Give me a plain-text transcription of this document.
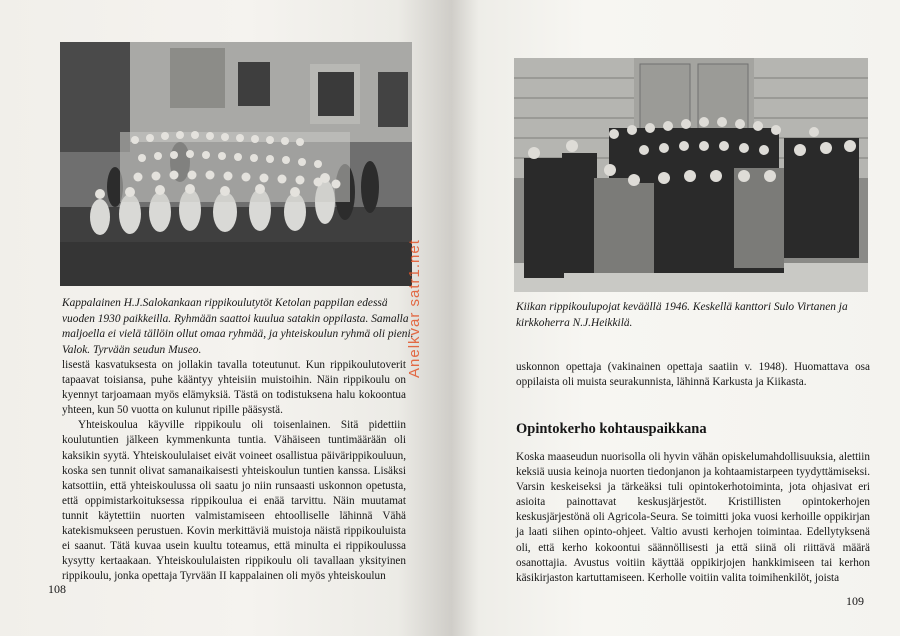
Kappalainen H.J.Salokankaan rippikoulutytöt Ketolan pappilan edessä vuoden 1930 paikkeilla. Ryhmään saattoi kuulua satakin oppilasta. Samalla maljoella ei vielä tällöin ollut omaa ryhmää, ja yhteiskoulun ryhmä oli pieni. Valok. Tyrvään seudun Museo.

lisestä kasvatuksesta on jollakin tavalla toteutunut. Kun rippikoulutoverit tapaavat toisiansa, puhe kääntyy yhteisiin muistoihin. Näin rippikoulu on kyennyt tarjoamaan myös elämyksiä. Tästä on todistuksena halu kokoontua yhteen, kun 50 vuotta on kulunut ripille pääsystä.

Yhteiskoulua käyville rippikoulu oli toisenlainen. Sitä pidettiin koulutuntien jälkeen kymmenkunta tuntia. Vähäiseen tuntimäärään oli kaksikin syytä. Yhteiskoululaiset eivät voineet osallistua päivärippikouluun, koska sen tunnit olivat samanaikaisesti yhteiskoulun tuntien kanssa. Lisäksi katsottiin, että yhteiskoulussa oli saatu jo niin runsaasti uskonnon opetusta, että oppimistarkoituksessa rippikoulua ei enää tarvittu. Näin muutamat tunnit käytettiin nuorten valmistamiseen ehtoolliselle lähinnä Vähä katekismukseen perustuen. Kovin merkittäviä muistoja näistä rippikouluista ei saanut. Tätä kuvaa usein kuultu toteamus, että minulta ei rippikoulussa kysytty kertaakaan. Yhteiskoululaisten rippikoulu oli tavallaan yksityinen rippikoulu, jonka opettaja Tyrvään II kappalainen oli myös yhteiskoulun

108
Anelkvar satr1.net	Kiikan rippikoulupojat keväällä 1946. Keskellä kanttori Sulo Virtanen ja kirkkoherra N.J.Heikkilä.

uskonnon opettaja (vakinainen opettaja saatiin v. 1948). Huomattava osa oppilaista oli muista seurakunnista, lähinnä Karkusta ja Kiikasta.

Opintokerho kohtauspaikkana

Koska maaseudun nuorisolla oli hyvin vähän opiskelumahdollisuuksia, alettiin keksiä uusia keinoja nuorten tiedonjanon ja kohtaamistarpeen tyydyttämiseksi. Varsin keskeiseksi ja tärkeäksi tuli opintokerhotoiminta, jota ohjasivat eri asioita painottavat keskusjärjestöt. Kristillisten opintokerhojen keskusjärjestönä oli Agricola-Seura. Se toimitti joka vuosi kerhoille oppikirjan ja laati siihen opinto-ohjeet. Valtio avusti kerhojen toimintaa. Edellytyksenä oli, että kerho kokoontui säännöllisesti ja että siinä oli riittävä määrä osanottajia. Avustus voitiin käyttää oppikirjojen hankkimiseen tai kerhon käsikirjaston kartuttamiseen. Kerholle voitiin valita toimihenkilöt, joista

109
